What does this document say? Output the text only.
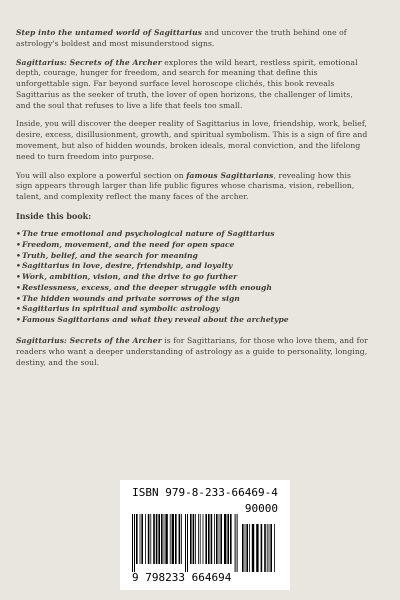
Step into the untamed world of Sagittarius and uncover the truth behind one of astrology's boldest and most misunderstood signs.

Sagittarius: Secrets of the Archer explores the wild heart, restless spirit, emotional depth, courage, hunger for freedom, and search for meaning that define this unforgettable sign. Far beyond surface level horoscope clichés, this book reveals Sagittarius as the seeker of truth, the lover of open horizons, the challenger of limits, and the soul that refuses to live a life that feels too small.

Inside, you will discover the deeper reality of Sagittarius in love, friendship, work, belief, desire, excess, disillusionment, growth, and spiritual symbolism. This is a sign of fire and movement, but also of hidden wounds, broken ideals, moral conviction, and the lifelong need to turn freedom into purpose.

You will also explore a powerful section on famous Sagittarians, revealing how this sign appears through larger than life public figures whose charisma, vision, rebellion, talent, and complexity reflect the many faces of the archer.

Inside this book:

• The true emotional and psychological nature of Sagittarius
• Freedom, movement, and the need for open space
• Truth, belief, and the search for meaning
• Sagittarius in love, desire, friendship, and loyalty
• Work, ambition, vision, and the drive to go further
• Restlessness, excess, and the deeper struggle with enough
• The hidden wounds and private sorrows of the sign
• Sagittarius in spiritual and symbolic astrology
• Famous Sagittarians and what they reveal about the archetype

Sagittarius: Secrets of the Archer is for Sagittarians, for those who love them, and for readers who want a deeper understanding of astrology as a guide to personality, longing, destiny, and the soul.

ISBN 979-8-233-66469-4
90000
9 798233 664694
